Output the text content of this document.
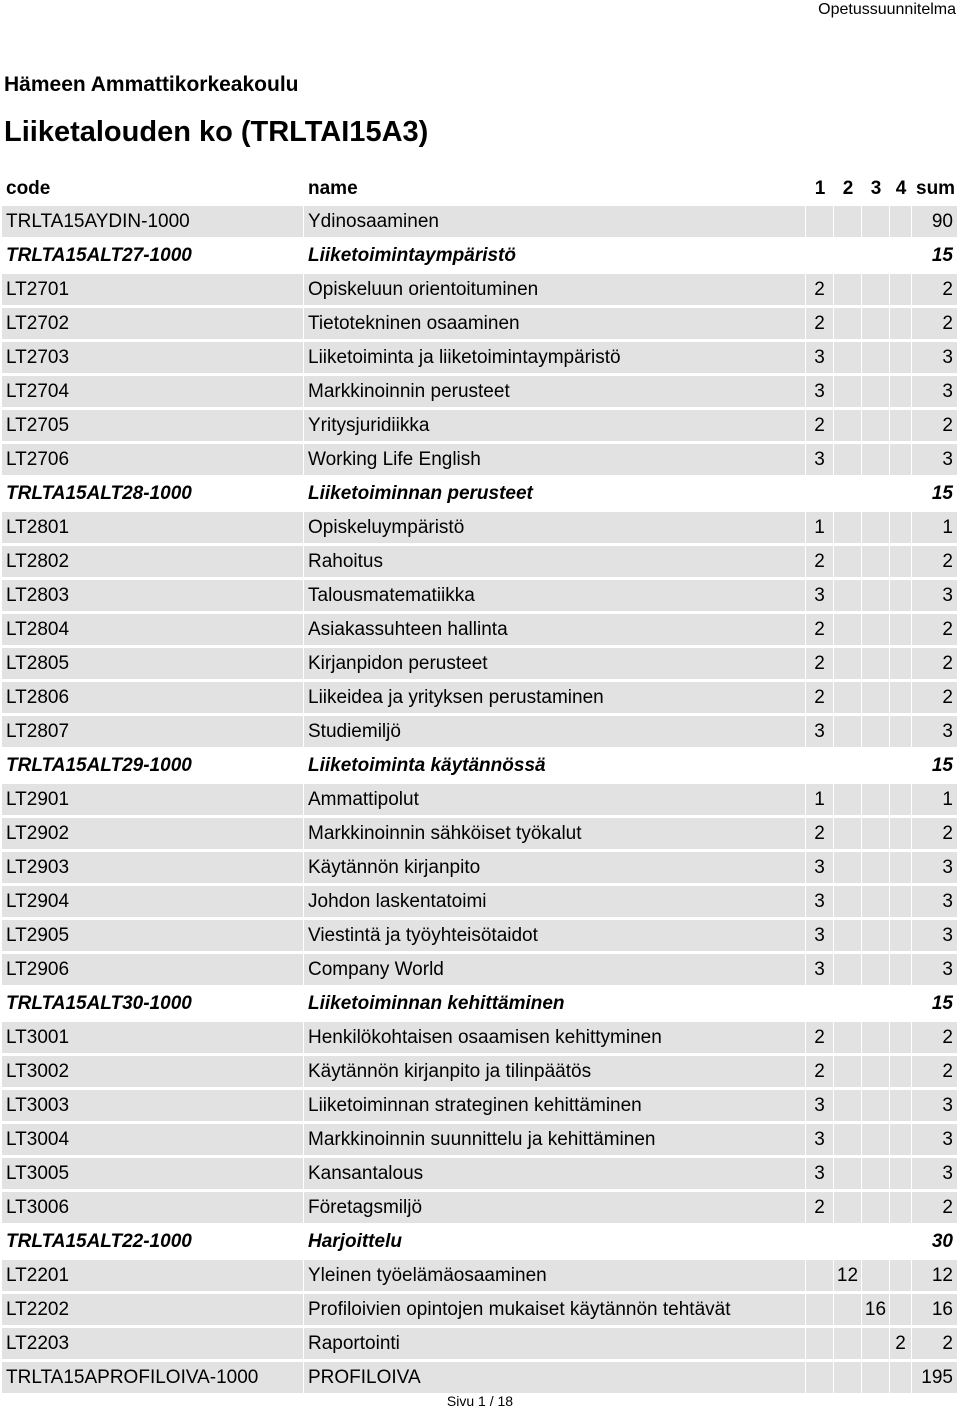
Opetussuunnitelma
Hämeen Ammattikorkeakoulu
Liiketalouden ko (TRLTAI15A3)
code	name	1	2	3	4	sum
TRLTA15AYDIN-1000	Ydinosaaminen					90
TRLTA15ALT27-1000	Liiketoimintaympäristö					15
LT2701	Opiskeluun orientoituminen	2				2
LT2702	Tietotekninen osaaminen	2				2
LT2703	Liiketoiminta ja liiketoimintaympäristö	3				3
LT2704	Markkinoinnin perusteet	3				3
LT2705	Yritysjuridiikka	2				2
LT2706	Working Life English	3				3
TRLTA15ALT28-1000	Liiketoiminnan perusteet					15
LT2801	Opiskeluympäristö	1				1
LT2802	Rahoitus	2				2
LT2803	Talousmatematiikka	3				3
LT2804	Asiakassuhteen hallinta	2				2
LT2805	Kirjanpidon perusteet	2				2
LT2806	Liikeidea ja yrityksen perustaminen	2				2
LT2807	Studiemiljö	3				3
TRLTA15ALT29-1000	Liiketoiminta käytännössä					15
LT2901	Ammattipolut	1				1
LT2902	Markkinoinnin sähköiset työkalut	2				2
LT2903	Käytännön kirjanpito	3				3
LT2904	Johdon laskentatoimi	3				3
LT2905	Viestintä ja työyhteisötaidot	3				3
LT2906	Company World	3				3
TRLTA15ALT30-1000	Liiketoiminnan kehittäminen					15
LT3001	Henkilökohtaisen osaamisen kehittyminen	2				2
LT3002	Käytännön kirjanpito ja tilinpäätös	2				2
LT3003	Liiketoiminnan strateginen kehittäminen	3				3
LT3004	Markkinoinnin suunnittelu ja kehittäminen	3				3
LT3005	Kansantalous	3				3
LT3006	Företagsmiljö	2				2
TRLTA15ALT22-1000	Harjoittelu					30
LT2201	Yleinen työelämäosaaminen		12			12
LT2202	Profiloivien opintojen mukaiset käytännön tehtävät			16		16
LT2203	Raportointi				2	2
TRLTA15APROFILOIVA-1000	PROFILOIVA					195
Sivu 1 / 18
